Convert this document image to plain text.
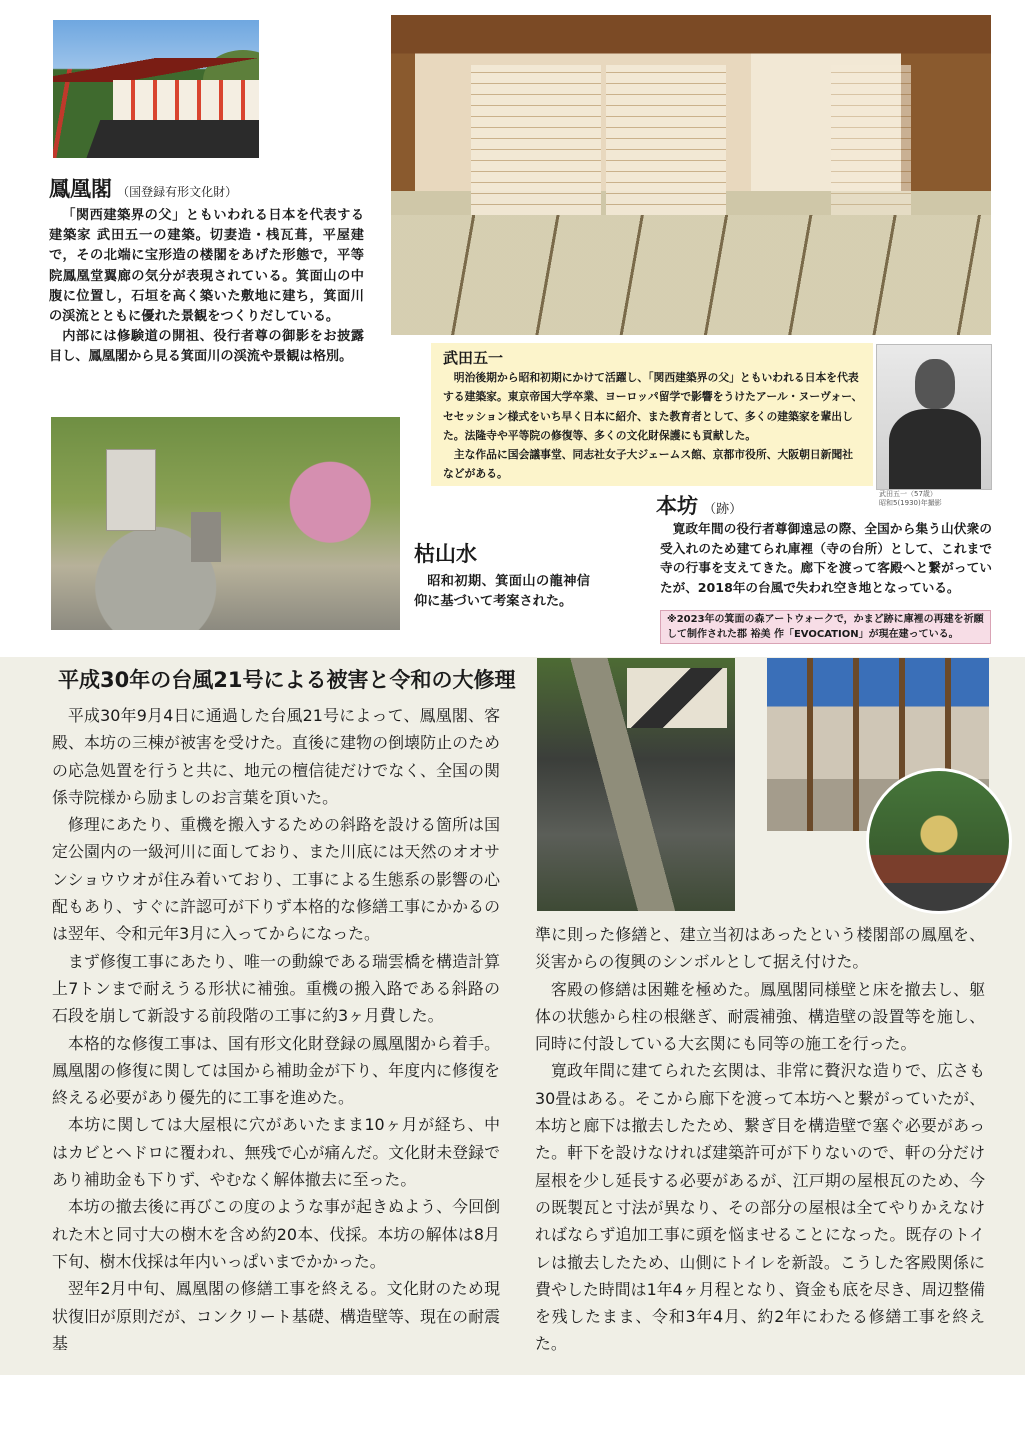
武田五一（57歳）
昭和5(1930)年撮影
鳳凰閣 （国登録有形文化財）
「関西建築界の父」ともいわれる日本を代表する建築家 武田五一の建築。切妻造・桟瓦葺，平屋建で，その北端に宝形造の楼閣をあげた形態で，平等院鳳凰堂翼廊の気分が表現されている。箕面山の中腹に位置し，石垣を高く築いた敷地に建ち，箕面川の渓流とともに優れた景観をつくりだしている。
内部には修験道の開祖、役行者尊の御影をお披露目し、鳳凰閣から見る箕面川の渓流や景観は格別。	武田五一
明治後期から昭和初期にかけて活躍し、「関西建築界の父」ともいわれる日本を代表する建築家。東京帝国大学卒業、ヨーロッパ留学で影響をうけたアール・ヌーヴォー、セセッション様式をいち早く日本に紹介、また教育者として、多くの建築家を輩出した。法隆寺や平等院の修復等、多くの文化財保護にも貢献した。
主な作品に国会議事堂、同志社女子大ジェームス館、京都市役所、大阪朝日新聞社などがある。
枯山水
昭和初期、箕面山の龍神信仰に基づいて考案された。
本坊 （跡）
寛政年間の役行者尊御遠忌の際、全国から集う山伏衆の受入れのため建てられ庫裡（寺の台所）として、これまで寺の行事を支えてきた。廊下を渡って客殿へと繋がっていたが、2018年の台風で失われ空き地となっている。
※2023年の箕面の森アートウォークで，かまど跡に庫裡の再建を祈願して制作された郡 裕美 作「EVOCATION」が現在建っている。
平成30年の台風21号による被害と令和の大修理
平成30年9月4日に通過した台風21号によって、鳳凰閣、客殿、本坊の三棟が被害を受けた。直後に建物の倒壊防止のための応急処置を行うと共に、地元の檀信徒だけでなく、全国の関係寺院様から励ましのお言葉を頂いた。
修理にあたり、重機を搬入するための斜路を設ける箇所は国定公園内の一級河川に面しており、また川底には天然のオオサンショウウオが住み着いており、工事による生態系の影響の心配もあり、すぐに許認可が下りず本格的な修繕工事にかかるのは翌年、令和元年3月に入ってからになった。
まず修復工事にあたり、唯一の動線である瑞雲橋を構造計算上7トンまで耐えうる形状に補強。重機の搬入路である斜路の石段を崩して新設する前段階の工事に約3ヶ月費した。
本格的な修復工事は、国有形文化財登録の鳳凰閣から着手。鳳凰閣の修復に関しては国から補助金が下り、年度内に修復を終える必要があり優先的に工事を進めた。
本坊に関しては大屋根に穴があいたまま10ヶ月が経ち、中はカビとヘドロに覆われ、無残で心が痛んだ。文化財未登録であり補助金も下りず、やむなく解体撤去に至った。
本坊の撤去後に再びこの度のような事が起きぬよう、今回倒れた木と同寸大の樹木を含め約20本、伐採。本坊の解体は8月下旬、樹木伐採は年内いっぱいまでかかった。
翌年2月中旬、鳳凰閣の修繕工事を終える。文化財のため現状復旧が原則だが、コンクリート基礎、構造壁等、現在の耐震基
準に則った修繕と、建立当初はあったという楼閣部の鳳凰を、災害からの復興のシンボルとして据え付けた。
客殿の修繕は困難を極めた。鳳凰閣同様壁と床を撤去し、躯体の状態から柱の根継ぎ、耐震補強、構造壁の設置等を施し、同時に付設している大玄関にも同等の施工を行った。
寛政年間に建てられた玄関は、非常に贅沢な造りで、広さも30畳はある。そこから廊下を渡って本坊へと繋がっていたが、本坊と廊下は撤去したため、繋ぎ目を構造壁で塞ぐ必要があった。軒下を設けなければ建築許可が下りないので、軒の分だけ屋根を少し延長する必要があるが、江戸期の屋根瓦のため、今の既製瓦と寸法が異なり、その部分の屋根は全てやりかえなければならず追加工事に頭を悩ませることになった。既存のトイレは撤去したため、山側にトイレを新設。こうした客殿関係に費やした時間は1年4ヶ月程となり、資金も底を尽き、周辺整備を残したまま、令和3年4月、約2年にわたる修繕工事を終えた。
